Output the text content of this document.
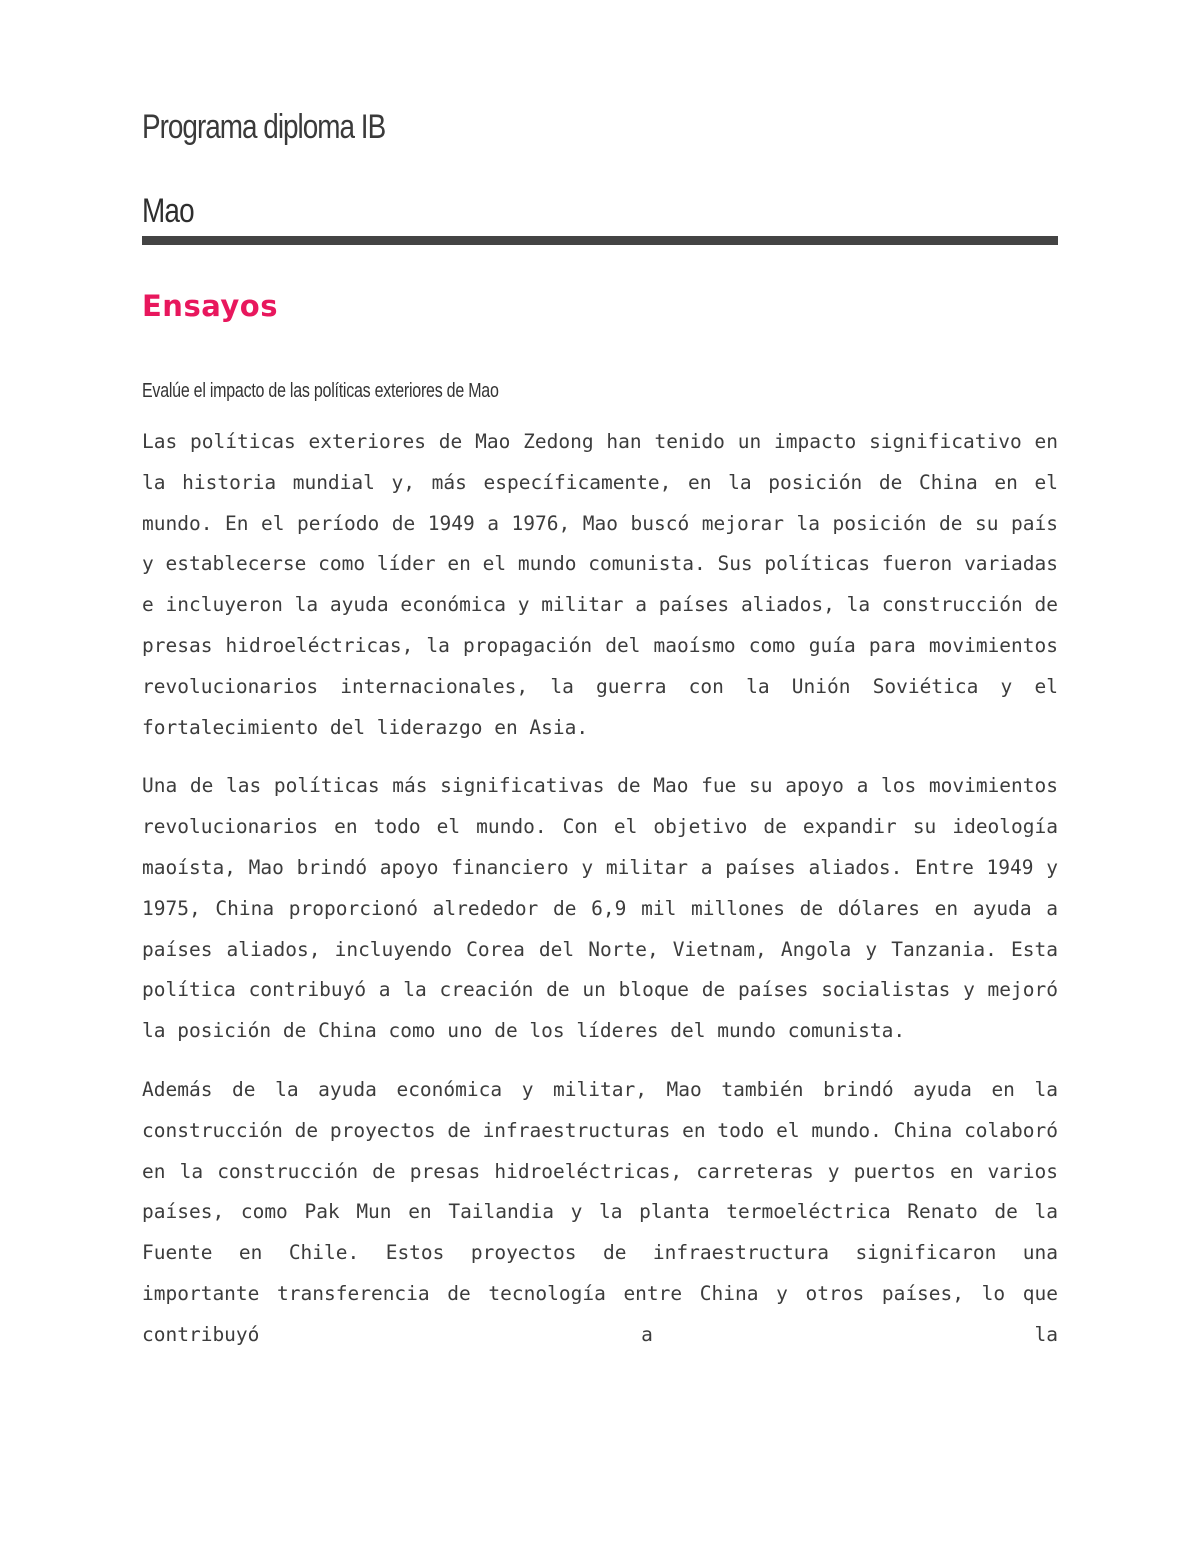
Programa diploma IB
Mao
Ensayos
Evalúe el impacto de las políticas exteriores de Mao

Las políticas exteriores de Mao Zedong han tenido un impacto significativo en la historia mundial y, más específicamente, en la posición de China en el mundo. En el período de 1949 a 1976, Mao buscó mejorar la posición de su país y establecerse como líder en el mundo comunista. Sus políticas fueron variadas e incluyeron la ayuda económica y militar a países aliados, la construcción de presas hidroeléctricas, la propagación del maoísmo como guía para movimientos revolucionarios internacionales, la guerra con la Unión Soviética y el fortalecimiento del liderazgo en Asia.

Una de las políticas más significativas de Mao fue su apoyo a los movimientos revolucionarios en todo el mundo. Con el objetivo de expandir su ideología maoísta, Mao brindó apoyo financiero y militar a países aliados. Entre 1949 y 1975, China proporcionó alrededor de 6,9 mil millones de dólares en ayuda a países aliados, incluyendo Corea del Norte, Vietnam, Angola y Tanzania. Esta política contribuyó a la creación de un bloque de países socialistas y mejoró la posición de China como uno de los líderes del mundo comunista.

Además de la ayuda económica y militar, Mao también brindó ayuda en la construcción de proyectos de infraestructuras en todo el mundo. China colaboró en la construcción de presas hidroeléctricas, carreteras y puertos en varios países, como Pak Mun en Tailandia y la planta termoeléctrica Renato de la Fuente en Chile. Estos proyectos de infraestructura significaron una importante transferencia de tecnología entre China y otros países, lo que contribuyó a la
